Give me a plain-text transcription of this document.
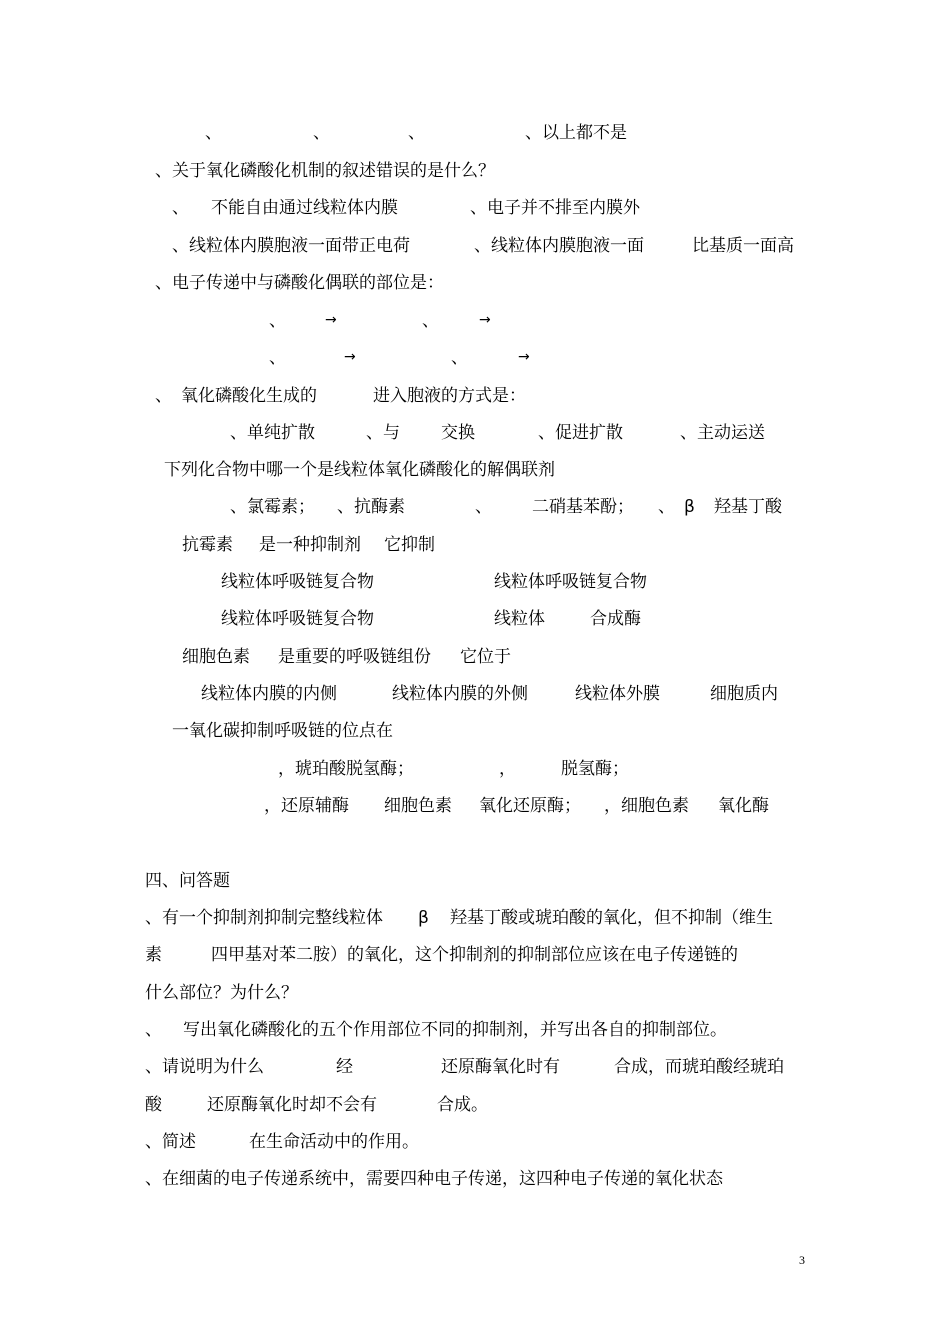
、	、	、	、以上都不是
、关于氧化磷酸化机制的叙述错误的是什么？
、 不能自由通过线粒体内膜	、电子并不排至内膜外
、线粒体内膜胞液一面带正电荷	、线粒体内膜胞液一面	比基质一面高
、电子传递中与磷酸化偶联的部位是：
、	→	、	→
、	→	、	→
、 氧化磷酸化生成的	进入胞液的方式是：
、单纯扩散	、与 交换	、促进扩散	、主动运送
下列化合物中哪一个是线粒体氧化磷酸化的解偶联剂
、氯霉素； 、抗酶素	、 二硝基苯酚； 、 β 羟基丁酸
抗霉素 是一种抑制剂 它抑制
线粒体呼吸链复合物	线粒体呼吸链复合物
线粒体呼吸链复合物	线粒体	合成酶
细胞色素 是重要的呼吸链组份 它位于
线粒体内膜的内侧	线粒体内膜的外侧	线粒体外膜	细胞质内
一氧化碳抑制呼吸链的位点在
，琥珀酸脱氢酶；	，	脱氢酶；
，还原辅酶 细胞色素 氧化还原酶； ，细胞色素 氧化酶
四、问答题
、有一个抑制剂抑制完整线粒体 β 羟基丁酸或琥珀酸的氧化，但不抑制（维生
素	四甲基对苯二胺）的氧化，这个抑制剂的抑制部位应该在电子传递链的
什么部位？为什么？
、 写出氧化磷酸化的五个作用部位不同的抑制剂，并写出各自的抑制部位。
、请说明为什么	经	还原酶氧化时有	合成，而琥珀酸经琥珀
酸	还原酶氧化时却不会有	合成。
、简述	在生命活动中的作用。
、在细菌的电子传递系统中，需要四种电子传递，这四种电子传递的氧化状态
3
